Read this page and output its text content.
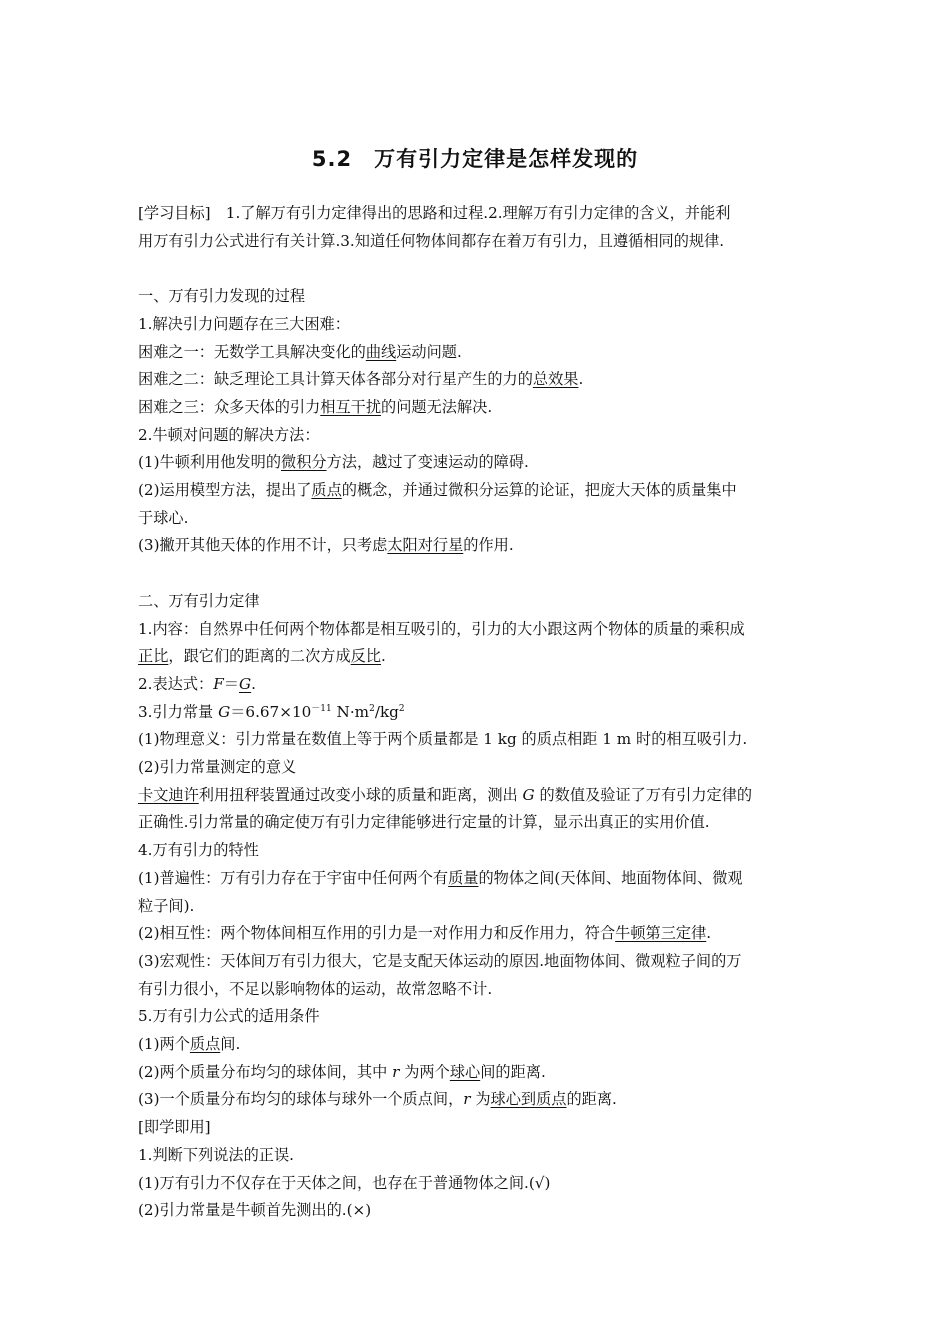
5.2 万有引力定律是怎样发现的

[学习目标]　1.了解万有引力定律得出的思路和过程.2.理解万有引力定律的含义，并能利

用万有引力公式进行有关计算.3.知道任何物体间都存在着万有引力，且遵循相同的规律.

一、万有引力发现的过程

1.解决引力问题存在三大困难：

困难之一：无数学工具解决变化的曲线运动问题.

困难之二：缺乏理论工具计算天体各部分对行星产生的力的总效果.

困难之三：众多天体的引力相互干扰的问题无法解决.

2.牛顿对问题的解决方法：

(1)牛顿利用他发明的微积分方法，越过了变速运动的障碍.

(2)运用模型方法，提出了质点的概念，并通过微积分运算的论证，把庞大天体的质量集中

于球心.

(3)撇开其他天体的作用不计，只考虑太阳对行星的作用.

二、万有引力定律

1.内容：自然界中任何两个物体都是相互吸引的，引力的大小跟这两个物体的质量的乘积成

正比，跟它们的距离的二次方成反比.

2.表达式：F＝G.

3.引力常量 $G=6.67\times 10^{-11}$ $N\cdot m^2/kg^2$

(1)物理意义：引力常量在数值上等于两个质量都是 1 kg 的质点相距 1 m 时的相互吸引力.

(2)引力常量测定的意义

卡文迪许利用扭秤装置通过改变小球的质量和距离，测出 G 的数值及验证了万有引力定律的

正确性.引力常量的确定使万有引力定律能够进行定量的计算，显示出真正的实用价值.

4.万有引力的特性

(1)普遍性：万有引力存在于宇宙中任何两个有质量的物体之间(天体间、地面物体间、微观

粒子间).

(2)相互性：两个物体间相互作用的引力是一对作用力和反作用力，符合牛顿第三定律.

(3)宏观性：天体间万有引力很大，它是支配天体运动的原因.地面物体间、微观粒子间的万

有引力很小，不足以影响物体的运动，故常忽略不计.

5.万有引力公式的适用条件

(1)两个质点间.

(2)两个质量分布均匀的球体间，其中 r 为两个球心间的距离.

(3)一个质量分布均匀的球体与球外一个质点间，r 为球心到质点的距离.

[即学即用]

1.判断下列说法的正误.

(1)万有引力不仅存在于天体之间，也存在于普通物体之间.(√)

(2)引力常量是牛顿首先测出的.(×)
